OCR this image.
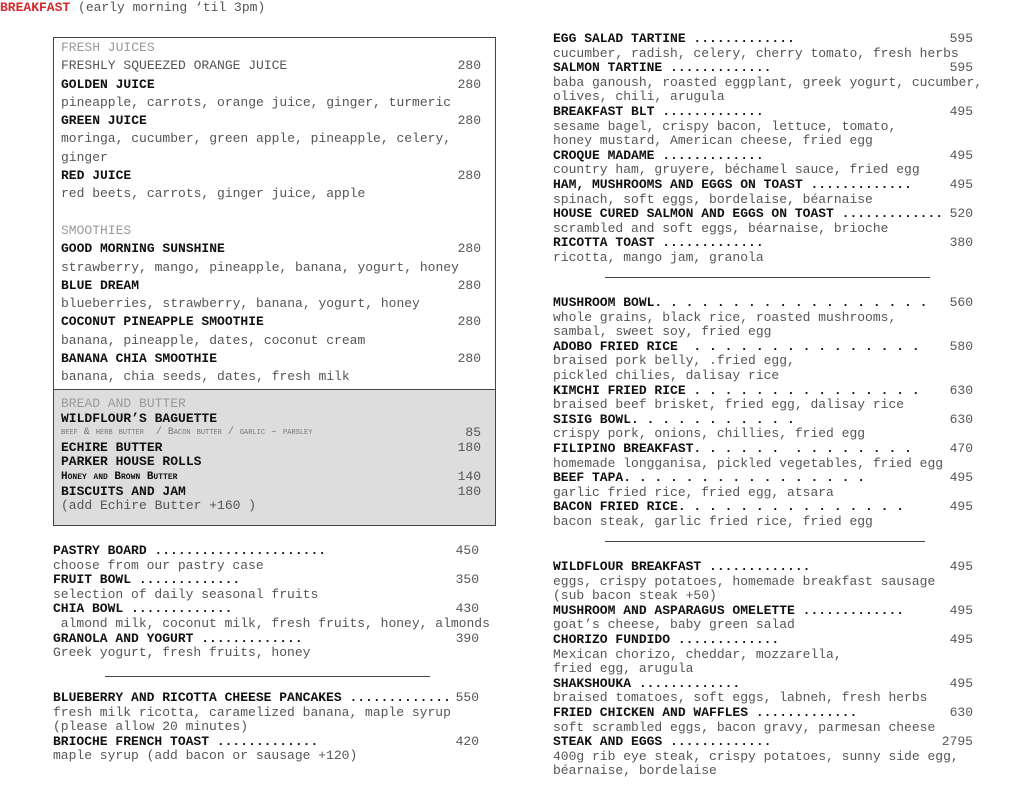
BREAKFAST (early morning ‘til 3pm)
FRESH JUICES
FRESHLY SQUEEZED ORANGE JUICE	280
GOLDEN JUICE	280
pineapple, carrots, orange juice, ginger, turmeric
GREEN JUICE	280
moringa, cucumber, green apple, pineapple, celery,
ginger
RED JUICE	280
red beets, carrots, ginger juice, apple

SMOOTHIES
GOOD MORNING SUNSHINE	280
strawberry, mango, pineapple, banana, yogurt, honey
BLUE DREAM	280
blueberries, strawberry, banana, yogurt, honey
COCONUT PINEAPPLE SMOOTHIE	280
banana, pineapple, dates, coconut cream
BANANA CHIA SMOOTHIE	280
banana, chia seeds, dates, fresh milk
BREAD AND BUTTER
WILDFLOUR’S BAGUETTE
beef & herb butter  / Bacon butter / garlic – parsley	85
ECHIRE BUTTER	180
PARKER HOUSE ROLLS
Honey and Brown Butter	140
BISCUITS AND JAM	180
(add Echire Butter +160 )
PASTRY BOARD ......................	450
choose from our pastry case
FRUIT BOWL .............	350
selection of daily seasonal fruits
CHIA BOWL .............	430
almond milk, coconut milk, fresh fruits, honey, almonds
GRANOLA AND YOGURT .............	390
Greek yogurt, fresh fruits, honey
BLUEBERRY AND RICOTTA CHEESE PANCAKES ............. 550
fresh milk ricotta, caramelized banana, maple syrup
(please allow 20 minutes)
BRIOCHE FRENCH TOAST .............	420
maple syrup (add bacon or sausage +120)
EGG SALAD TARTINE .............	595
cucumber, radish, celery, cherry tomato, fresh herbs
SALMON TARTINE .............	595
baba ganoush, roasted eggplant, greek yogurt, cucumber,
olives, chili, arugula
BREAKFAST BLT .............	495
sesame bagel, crispy bacon, lettuce, tomato,
honey mustard, American cheese, fried egg
CROQUE MADAME .............	495
country ham, gruyere, béchamel sauce, fried egg
HAM, MUSHROOMS AND EGGS ON TOAST .............	495
spinach, soft eggs, bordelaise, béarnaise
HOUSE CURED SALMON AND EGGS ON TOAST ............. 520
scrambled and soft eggs, béarnaise, brioche
RICOTTA TOAST .............	380
ricotta, mango jam, granola
MUSHROOM BOWL. . . . . . . . . . . . . . . . . . 560
whole grains, black rice, roasted mushrooms,
sambal, sweet soy, fried egg
ADOBO FRIED RICE  . . . . . . . . . . . . . . . 580
braised pork belly, .fried egg,
pickled chilies, dalisay rice
KIMCHI FRIED RICE . . . . . . . . . . . . . . . 630
braised beef brisket, fried egg, dalisay rice
SISIG BOWL. . . . . . . . . . .	630
crispy pork, onions, chillies, fried egg
FILIPINO BREAKFAST. . . . . .  . . . . . . . .	470
homemade longganisa, pickled vegetables, fried egg
BEEF TAPA. . . . . . . . . . . . . . . .	495
garlic fried rice, fried egg, atsara
BACON FRIED RICE. . . . . . . . . . . . . . .	495
bacon steak, garlic fried rice, fried egg
WILDFLOUR BREAKFAST .............	495
eggs, crispy potatoes, homemade breakfast sausage
(sub bacon steak +50)
MUSHROOM AND ASPARAGUS OMELETTE .............	495
goat’s cheese, baby green salad
CHORIZO FUNDIDO .............	495
Mexican chorizo, cheddar, mozzarella,
fried egg, arugula
SHAKSHOUKA .............	495
braised tomatoes, soft eggs, labneh, fresh herbs
FRIED CHICKEN AND WAFFLES .............	630
soft scrambled eggs, bacon gravy, parmesan cheese
STEAK AND EGGS .............	2795
400g rib eye steak, crispy potatoes, sunny side egg,
béarnaise, bordelaise
